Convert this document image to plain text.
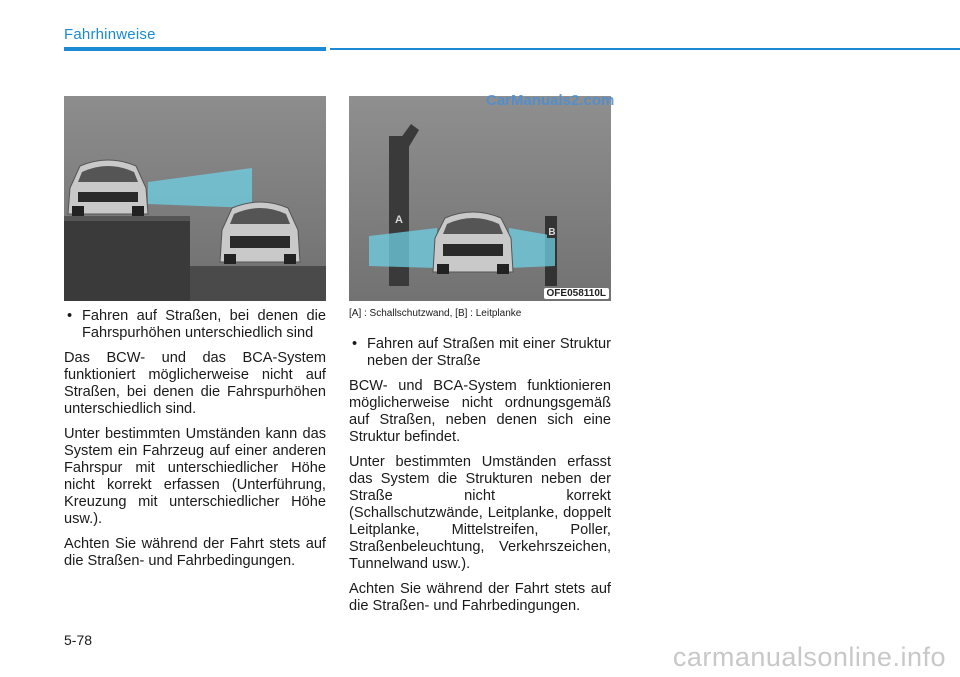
Fahrhinweise
A
B
OFE058110L
CarManuals2.com
• Fahren auf Straßen, bei denen die Fahrspurhöhen unterschiedlich sind

Das BCW- und das BCA-System funktioniert möglicherweise nicht auf Straßen, bei denen die Fahrspurhöhen unterschiedlich sind.

Unter bestimmten Umständen kann das System ein Fahrzeug auf einer anderen Fahrspur mit unterschiedlicher Höhe nicht korrekt erfassen (Unterführung, Kreuzung mit unterschiedlicher Höhe usw.).

Achten Sie während der Fahrt stets auf die Straßen- und Fahrbedingungen.

[A] : Schallschutzwand, [B] : Leitplanke

• Fahren auf Straßen mit einer Struktur neben der Straße

BCW- und BCA-System funktionieren möglicherweise nicht ordnungsgemäß auf Straßen, neben denen sich eine Struktur befindet.

Unter bestimmten Umständen erfasst das System die Strukturen neben der Straße nicht korrekt (Schallschutzwände, Leitplanke, doppelt Leitplanke, Mittelstreifen, Poller, Straßenbeleuchtung, Verkehrszeichen, Tunnelwand usw.).

Achten Sie während der Fahrt stets auf die Straßen- und Fahrbedingungen.

5-78
carmanualsonline.info
